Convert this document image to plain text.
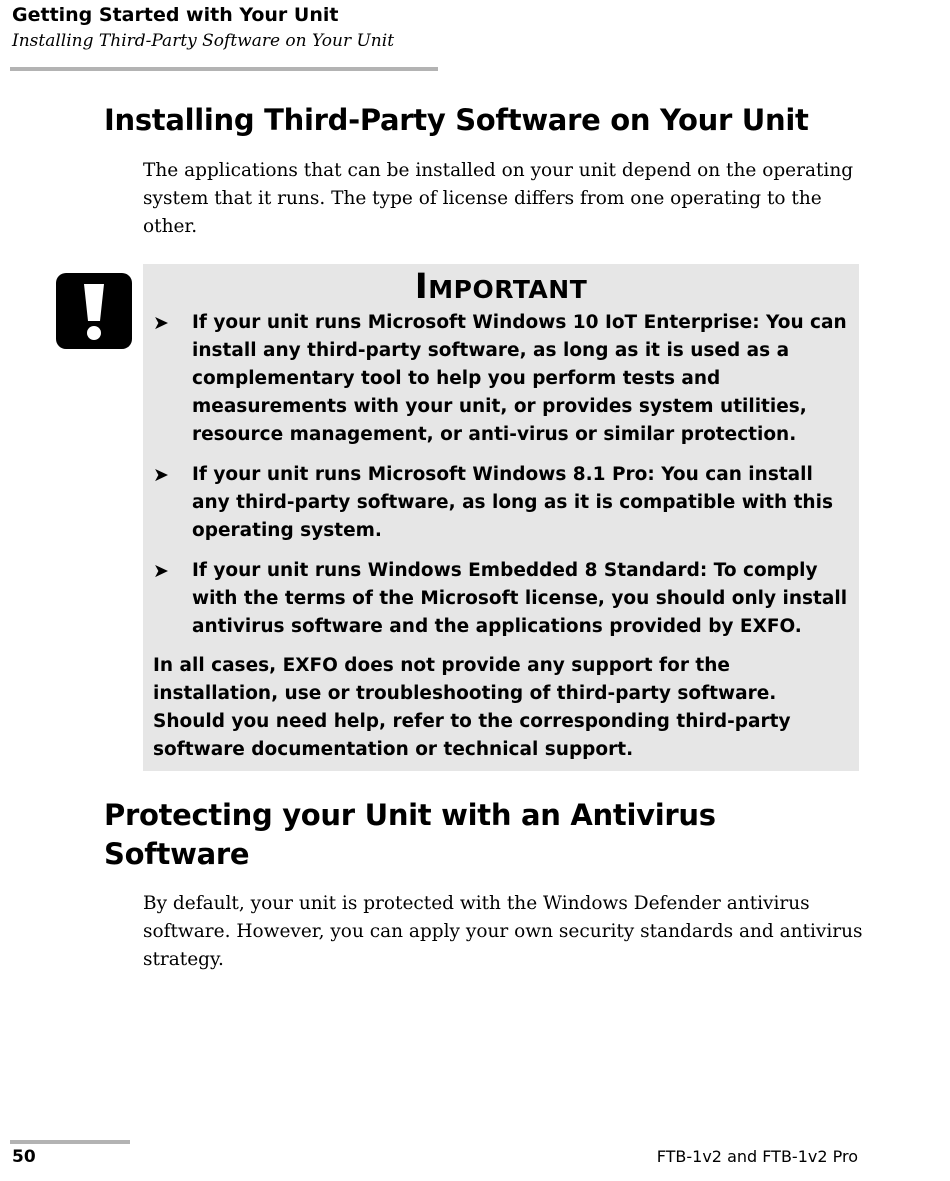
Getting Started with Your Unit

Installing Third-Party Software on Your Unit

Installing Third-Party Software on Your Unit

The applications that can be installed on your unit depend on the operating system that it runs. The type of license differs from one operating to the other.

Important
➤ If your unit runs Microsoft Windows 10 IoT Enterprise: You can install any third-party software, as long as it is used as a complementary tool to help you perform tests and measurements with your unit, or provides system utilities, resource management, or anti-virus or similar protection.
➤ If your unit runs Microsoft Windows 8.1 Pro: You can install any third-party software, as long as it is compatible with this operating system.
➤ If your unit runs Windows Embedded 8 Standard: To comply with the terms of the Microsoft license, you should only install antivirus software and the applications provided by EXFO.

In all cases, EXFO does not provide any support for the installation, use or troubleshooting of third-party software. Should you need help, refer to the corresponding third-party software documentation or technical support.

Protecting your Unit with an Antivirus Software

By default, your unit is protected with the Windows Defender antivirus software. However, you can apply your own security standards and antivirus strategy.

50	FTB-1v2 and FTB-1v2 Pro
